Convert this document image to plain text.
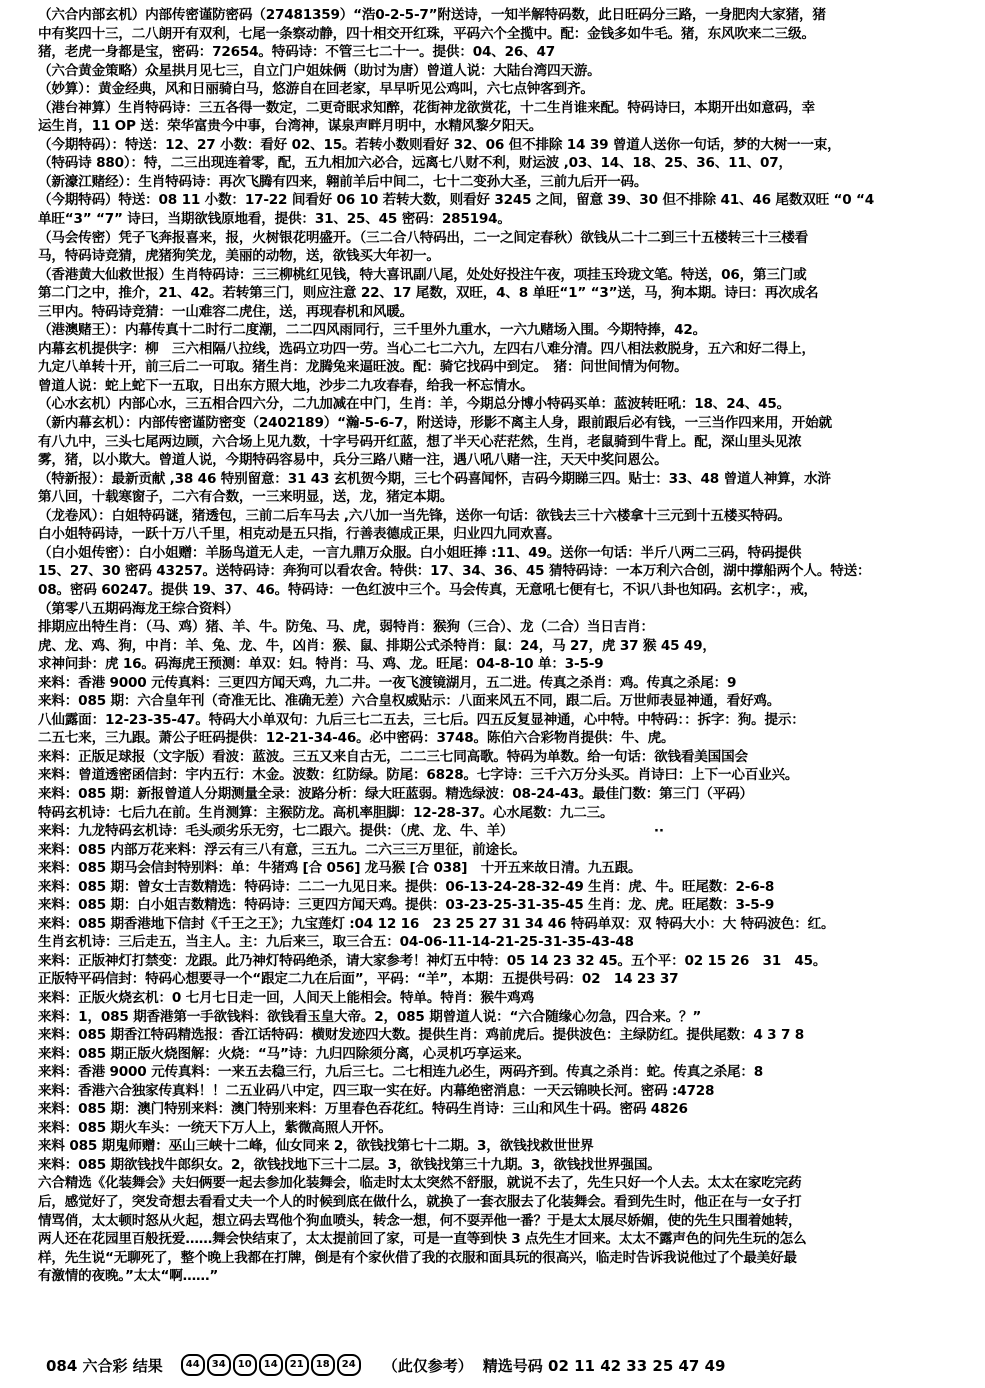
（六合内部玄机）内部传密谨防密码（27481359）“浩0-2-5-7”附送诗，一知半解特码数，此日旺码分三路，一身肥肉大家猪，猪
中有奖四十三，二八朗开有双利，七尾一条察动静，四十相交开红珠，平码六个全揽中。配：金钱多如牛毛。猪，东风吹来二三级。
猪，老虎一身都是宝，密码：72654。特码诗：不管三七二十一。提供：04、26、47
（六合黄金策略）众星拱月见七三，自立门户姐妹俩（助讨为唐）曾道人说：大陆台湾四天游。
（妙算）：黄金经典，风和日丽骑白马，悠游自在回老家，早早听见公鸡叫，六七点钟客到齐。
（港台神算）生肖特码诗：三五各得一数定，二更奇眠求知醉，花街神龙欲赏花，十二生肖谁来配。特码诗曰，本期开出如意码，幸
运生肖，11 OP 送：荣华富贵今中事，台湾神，谋泉声畔月明中，水精风黎夕阳天。
（今期特码）：特送：12、27 小数：看好 02、15。若转小数则看好 32、06 但不排除 14 39 曾道人送你一句话，梦的大树一一束，
（特码诗 880）：特，二三出现连着零，配，五九相加六必合，远离七八财不利，财运波 ,03、14、18、25、36、11、07，
（新濠江赌经）：生肖特码诗：再次飞腾有四来，翱前羊后中间二，七十二变孙大圣，三前九后开一码。
（今期特码）特送：08 11 小数：17-22 间看好 06 10 若转大数，则看好 3245 之间，留意 39、30 但不排除 41、46 尾数双旺 “0 “4
单旺“3” “7” 诗曰，当期欲钱原地看，提供：31、25、45 密码：285194。
（马会传密）凭子飞奔报喜来，报，火树银花明盛开。（三二合八特码出，二一之间定春秋）欲钱从二十二到三十五楼转三十三楼看
马，特码诗竞猜，虎猪狗笑龙，美丽的动物，送，欲钱买大年初一。
（香港黄大仙救世报）生肖特码诗：三三柳桃红见钱，特大喜讯副八尾，处处好投注午夜，项挂玉玲珑文笔。特送，06，第三门或
第二门之中，推介，21、42。若转第三门，则应注意 22、17 尾数，双旺，4、8 单旺“1” “3”送，马，狗本期。诗曰：再次成名
三甲内。特码诗竞猜：一山难容二虎住，送，再现春机和风暖。
（港澳赌王）：内幕传真十二时行二度潮，二二四风雨同行，三千里外九重水，一六九赌场入围。今期特捧，42。
内幕玄机提供字：柳　三六相隔八拉线，选码立功四一劳。当心二七二六九，左四右八难分清。四八相法救脱身，五六和好二得上，
九定八单转十开，前三后二一可取。猪生肖：龙腾兔来逼旺波。配：骑它找码中到定。　猪：问世间情为何物。
曾道人说：蛇上蛇下一五取，日出东方照大地，沙步二九攻春春，给我一杯忘情水。
（心水玄机）内部心水，三五相合四六分，二九加减在中门，生肖：羊，今期总分博小特码买单：蓝波转旺吼：18、24、45。
（新内幕玄机）：内部传密谨防密变（2402189）“瀚-5-6-7，附送诗，形影不离主人身，跟前跟后必有钱，一三当作四来用，开始就
有八九中，三头七尾两边顾，六合场上见九数，十字号码开红蓝，想了半天心茫茫然，生肖，老鼠骑到牛背上。配，深山里头见浓
雾，猪，以小欺大。曾道人说，今期特码容易中，兵分三路八赌一注，遇八吼八赌一注，天天中奖问恩公。
（特新报）：最新贡献 ,38 46 特别留意：31 43 玄机贺今期，三七个码喜闻怀，吉码今期睇三四。贴士：33、48 曾道人神算，水浒
第八回，十载寒窗子，二六有合数，一三来明显，送，龙，猪定本期。
（龙卷风）：白姐特码谜，猪透包，三前二后车马去 ,六八加一当先锋，送你一句话：欲钱去三十六楼拿十三元到十五楼买特码。
白小姐特码诗，一跃十万八千里，相克动是五只指，行善表德成正果，归业四九同欢喜。
（白小姐传密）：白小姐赠：羊肠鸟道无人走，一言九鼎万众服。白小姐旺捧 :11、49。送你一句话：半斤八两二三码，特码提供
15、27、30 密码 43257。送特码诗：奔狗可以看农舍。特供：17、34、36、45 猜特码诗：一本万利六合创，湖中撑船两个人。特送：
08。密码 60247。提供 19、37、46。特码诗：一色红波中三个。马会传真，无意吼七便有七，不识八卦也知码。玄机字：，戒，
（第零八五期码海龙王综合资料）
排期应出特生肖：（马、鸡）猪、羊、牛。防兔、马、虎，弱特肖：猴狗（三合）、龙（二合）当日吉肖：
虎、龙、鸡、狗，中肖：羊、兔、龙、牛，凶肖：猴、鼠、排期公式杀特肖：鼠：24，马 27，虎 37 猴 45 49，
求神问卦：虎 16。码海虎王预测：单双：妇。特肖：马、鸡、龙。旺尾：04-8-10 单：3-5-9
来料：香港 9000 元传真料：三更四方闻天鸡，九二井。一夜飞渡镜湖月，五二进。传真之杀肖：鸡。传真之杀尾：9
来料：085 期：六合皇年刊（奇准无比、准确无差）六合皇权威贴示：八面来风五不同，跟二后。万世师表显神通，看好鸡。
八仙露面：12-23-35-47。特码大小单双句：九后三七二五去，三七后。四五反复显神通，心中特。中特码：：拆字：狗。提示：
二五七来，三九跟。萧公子旺码提供：12-21-34-46。必中密码：3748。陈伯六合彩物肖提供：牛、虎。
来料：正版足球报（文字版）看波：蓝波。三五又来自古无，二二三七同高歌。特码为单数。给一句话：欲钱看美国国会
来料：曾道透密函信封：宇内五行：木金。波数：红防绿。防尾：6828。七字诗：三千六万分头买。肖诗曰：上下一心百业兴。
来料：085 期：新报曾道人分期测量全录：波路分析：绿大旺蓝弱。精选绿波：08-24-43。最佳门数：第三门（平码）
特码玄机诗：七后九在前。生肖测算：主猴防龙。高机率胆脚：12-28-37。心水尾数：九二三。
来料：九龙特码玄机诗：毛头顽劣乐无穷，七二跟六。提供：（虎、龙、牛、羊）　　　　　　　　　　　··
来料：085 内部万花来料：浮云有三八有意，三五九。二六三三万里征，前途长。
来料：085 期马会信封特别料：单：牛猪鸡 [合 056] 龙马猴 [合 038]　十开五来故日清。九五跟。
来料：085 期：曾女士吉数精选：特码诗：二二一九见日来。提供：06-13-24-28-32-49 生肖：虎、牛。旺尾数：2-6-8
来料：085 期：白小姐吉数精选：特码诗：三更四方闻天鸡。提供：03-23-25-31-35-45 生肖：龙、虎。旺尾数：3-5-9
来料：085 期香港地下信封《千王之王》；九宝莲灯 :04 12 16　23 25 27 31 34 46 特码单双：双 特码大小：大 特码波色：红。
生肖玄机诗：三后走五，当主人。主：九后来三，取三合五：04-06-11-14-21-25-31-35-43-48
来料：正版神灯打禁变：龙跟。此乃神灯特码绝杀，请大家参考！神灯五中特：05 14 23 32 45。五个平：02 15 26　31　45。
正版特平码信封：特码心想要寻一个“跟定二九在后面”，平码：“羊”，本期：五提供号码：02　14 23 37
来料：正版火烧玄机：0 七月七日走一回，人间天上能相会。特单。特肖：猴牛鸡鸡
来料：1，085 期香港第一手欲钱料：欲钱看玉皇大帝。2，085 期曾道人说：“六合随缘心勿急，四合来。？”
来料：085 期香江特码精选报：香江话特码：横财发迹四大数。提供生肖：鸡前虎后。提供波色：主绿防红。提供尾数：4 3 7 8
来料：085 期正版火烧图解：火烧：“马”诗：九归四除须分离，心灵机巧享运来。
来料：香港 9000 元传真料：一来五去稳三行，九后三七。二七相连九必生，两码齐到。传真之杀肖：蛇。传真之杀尾：8
来料：香港六合独家传真料！！二五业码八中定，四三取一实在好。内幕绝密消息：一天云锦映长河。密码 :4728
来料：085 期：澳门特别来料：澳门特别来料：万里春色吞花红。特码生肖诗：三山和风生十码。密码 4826
来料：085 期火车头：一统天下万人上，紫微高照人开怀。
来料 085 期鬼师赠：巫山三峡十二峰，仙女同来 2，欲钱找第七十二期。3，欲钱找救世世界
来料：085 期欲钱找牛郎织女。2，欲钱找地下三十二层。3，欲钱找第三十九期。3，欲钱找世界强国。
六合精选《化装舞会》夫妇俩要一起去参加化装舞会，临走时太太突然不舒服，就说不去了，先生只好一个人去。太太在家吃完药
后，感觉好了，突发奇想去看看丈夫一个人的时候到底在做什么，就换了一套衣服去了化装舞会。看到先生时，他正在与一女子打
情骂俏，太太顿时怒从火起，想立码去骂他个狗血喷头，转念一想，何不耍弄他一番？于是太太展尽娇媚，使的先生只围着她转，
两人还在花园里百般抚爱……舞会快结束了，太太提前回了家，可是一直等到快 3 点先生才回来。太太不露声色的问先生玩的怎么
样，先生说“无聊死了，整个晚上我都在打牌，倒是有个家伙借了我的衣服和面具玩的很高兴，临走时告诉我说他过了个最美好最
有激情的夜晚。”太太“啊……”
084 六合彩 结果	44	34	10	14	21	18	24	（此仅参考） 精选号码 02 11 42 33 25 47 49
